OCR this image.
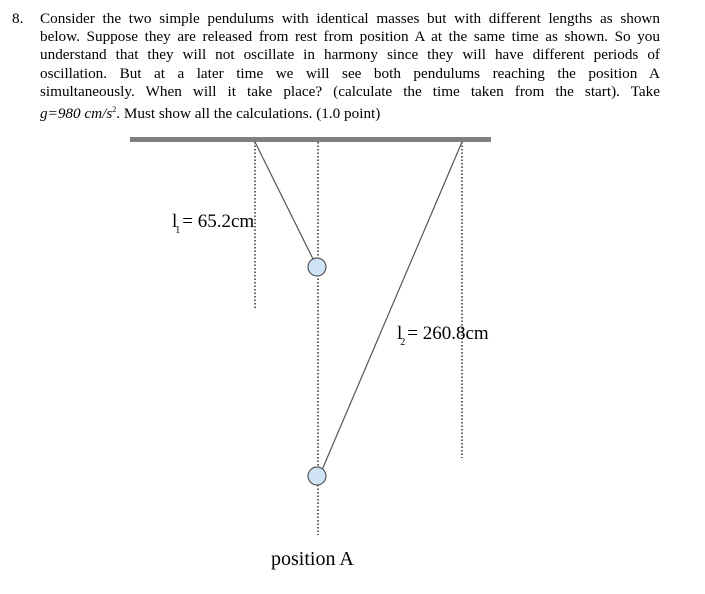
8. Consider the two simple pendulums with identical masses but with different lengths as shown
below. Suppose they are released from rest from position A at the same time as shown. So you
understand that they will not oscillate in harmony since they will have different periods of
oscillation. But at a later time we will see both pendulums reaching the position A
simultaneously. When will it take place? (calculate the time taken from the start). Take
g=980 $cm/s^2$. Must show all the calculations. (1.0 point)
$l_1 = 65.2cm$
$l_2 = 260.8cm$
position A
